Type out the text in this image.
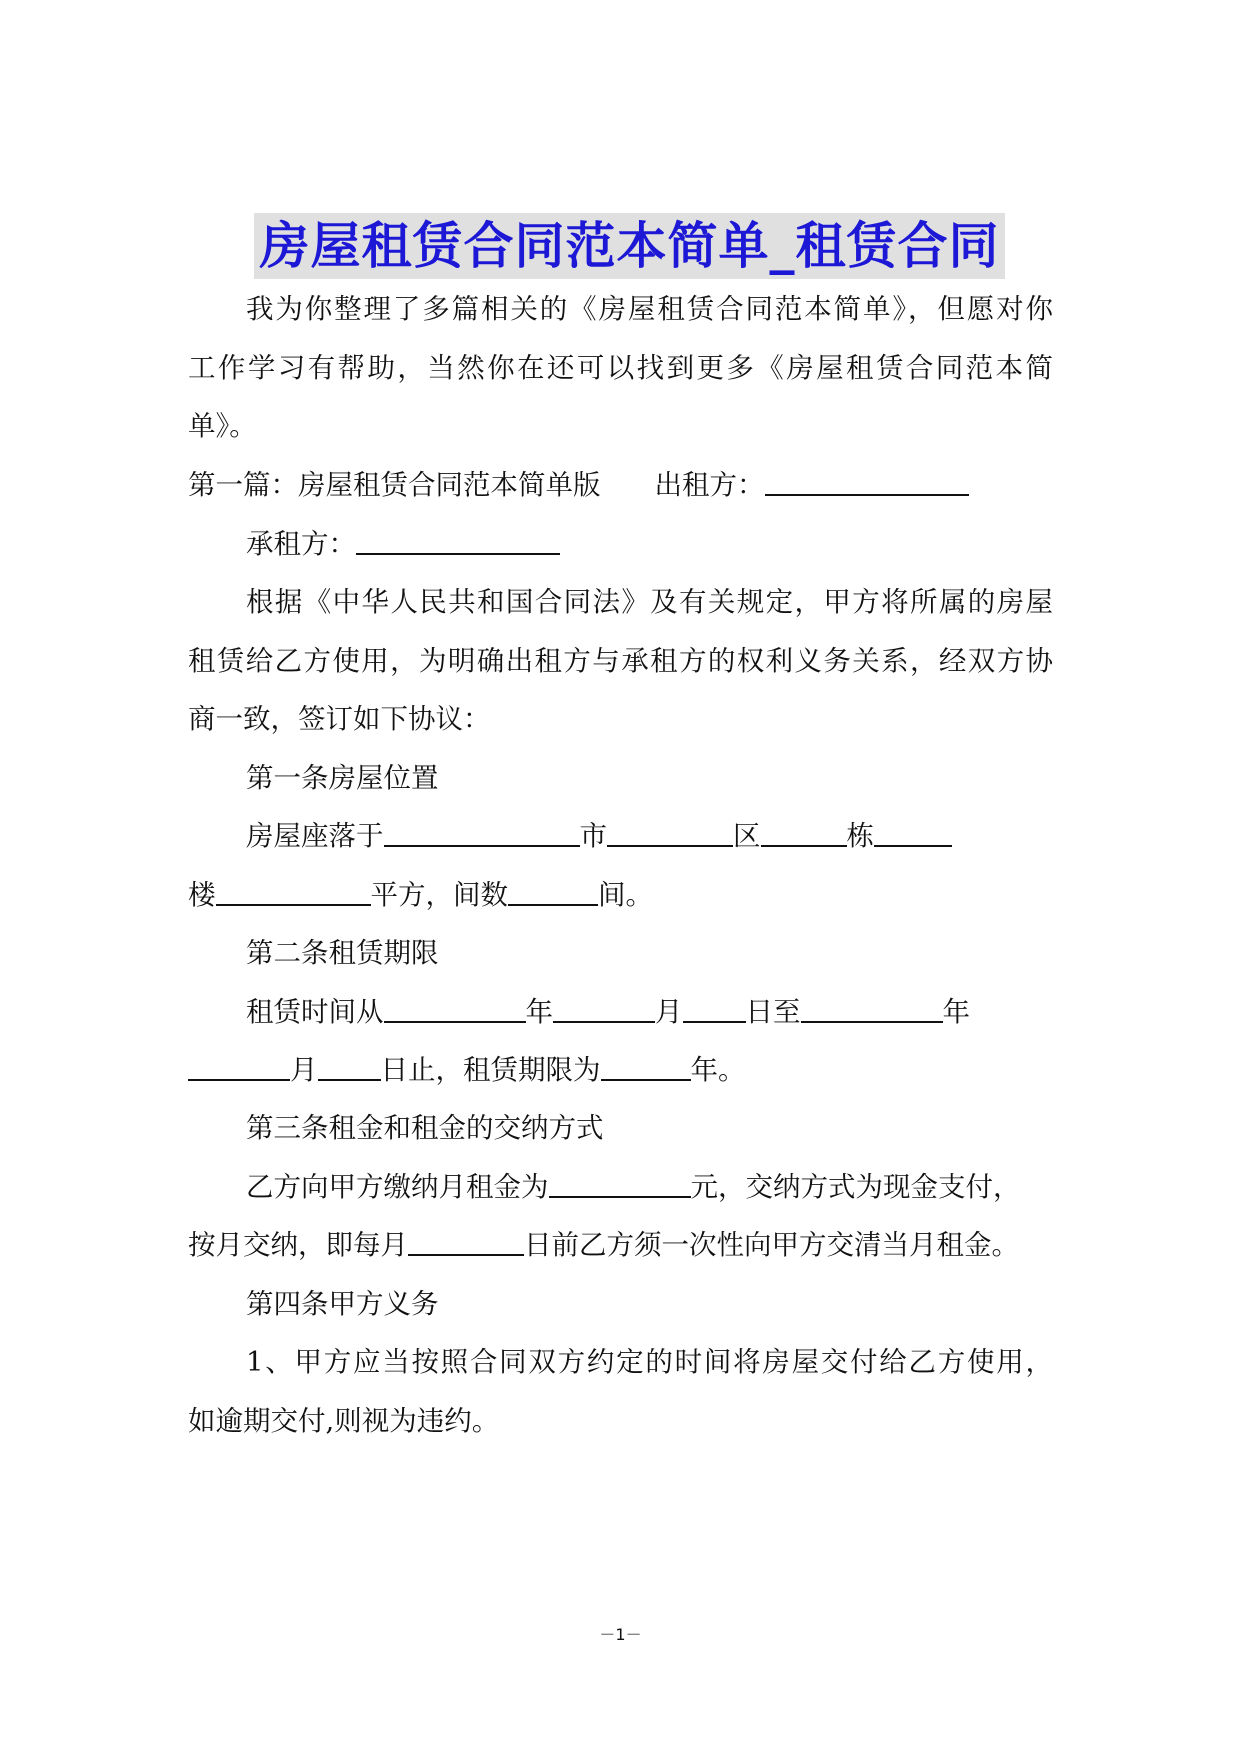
房屋租赁合同范本简单_租赁合同
我为你整理了多篇相关的《房屋租赁合同范本简单》，但愿对你
工作学习有帮助，当然你在还可以找到更多《房屋租赁合同范本简
单》。
第一篇：房屋租赁合同范本简单版 出租方：
承租方：
根据《中华人民共和国合同法》及有关规定，甲方将所属的房屋
租赁给乙方使用，为明确出租方与承租方的权利义务关系，经双方协
商一致，签订如下协议：
第一条房屋位置
房屋座落于	市	区	栋
楼	平方，间数	间。
第二条租赁期限
租赁时间从	年	月 日至	年
月 日止，租赁期限为	年。
第三条租金和租金的交纳方式
乙方向甲方缴纳月租金为	元，交纳方式为现金支付，
按月交纳，即每月	日前乙方须一次性向甲方交清当月租金。
第四条甲方义务
1、甲方应当按照合同双方约定的时间将房屋交付给乙方使用，
如逾期交付,则视为违约。
－1－
